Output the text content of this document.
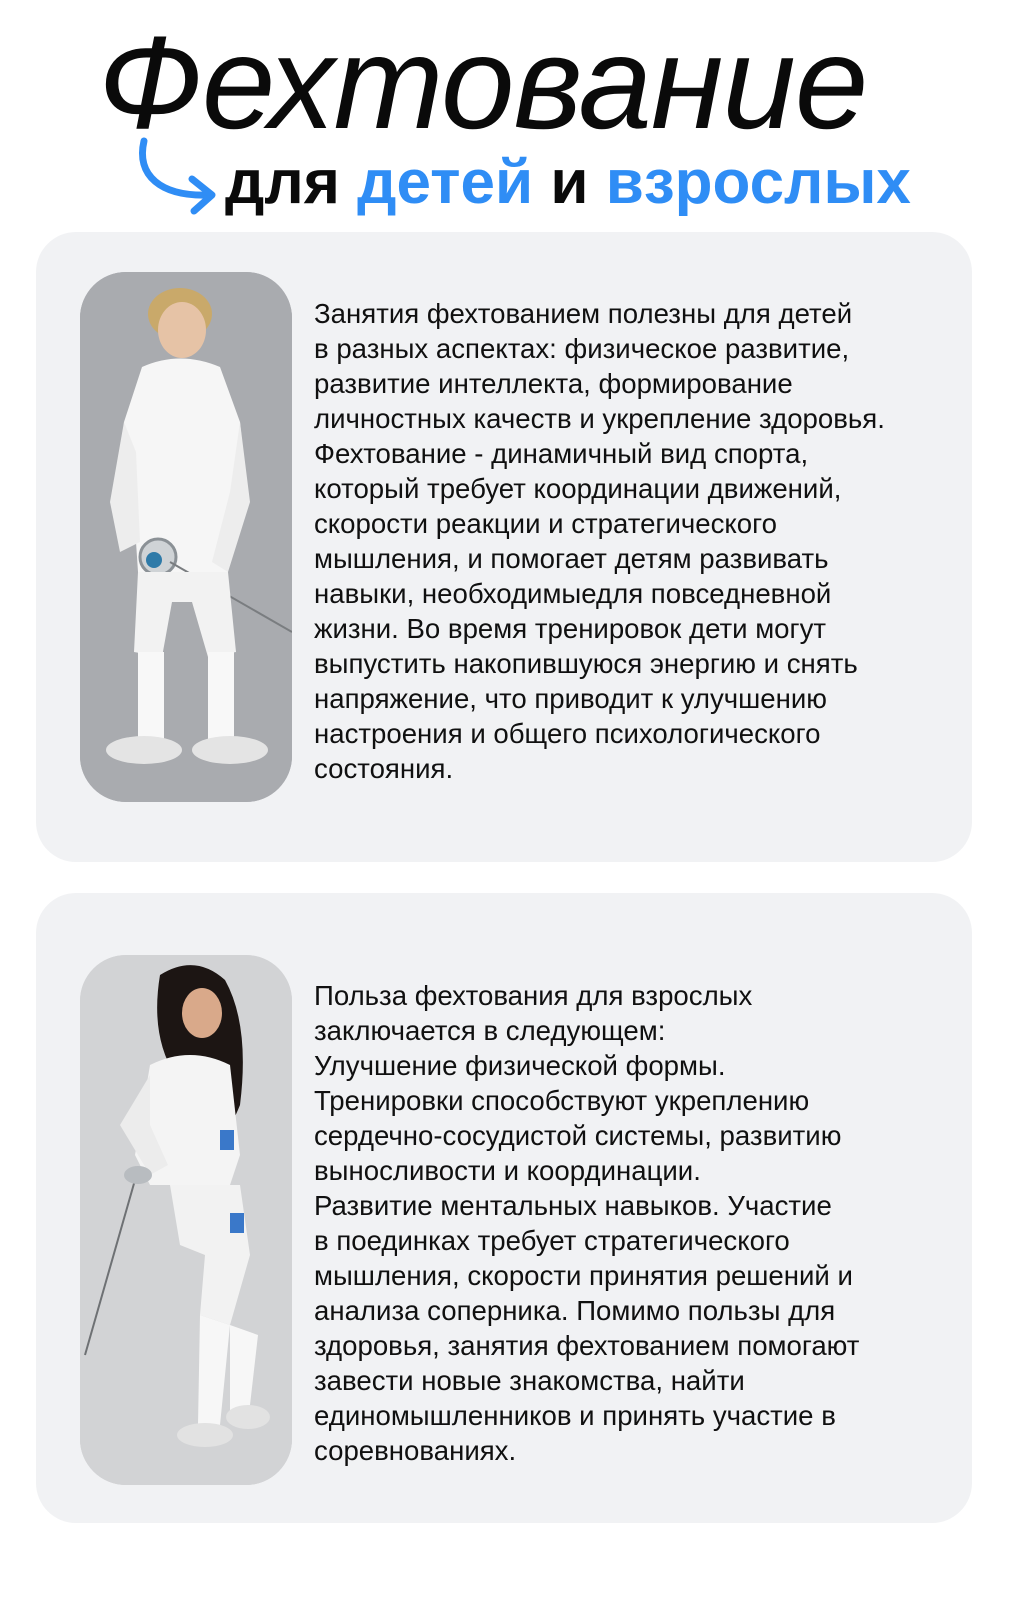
Фехтование
для детей и взрослых

Занятия фехтованием полезны для детей
в разных аспектах: физическое развитие,
развитие интеллекта, формирование
личностных качеств и укрепление здоровья.
Фехтование - динамичный вид спорта,
который требует координации движений,
скорости реакции и стратегического
мышления, и помогает детям развивать
навыки, необходимыедля повседневной
жизни. Во время тренировок дети могут
выпустить накопившуюся энергию и снять
напряжение, что приводит к улучшению
настроения и общего психологического
состояния.

Польза фехтования для взрослых
заключается в следующем:
Улучшение физической формы.
Тренировки способствуют укреплению
сердечно-сосудистой системы, развитию
выносливости и координации.
Развитие ментальных навыков. Участие
в поединках требует стратегического
мышления, скорости принятия решений и
анализа соперника. Помимо пользы для
здоровья, занятия фехтованием помогают
завести новые знакомства, найти
единомышленников и принять участие в
соревнованиях.
